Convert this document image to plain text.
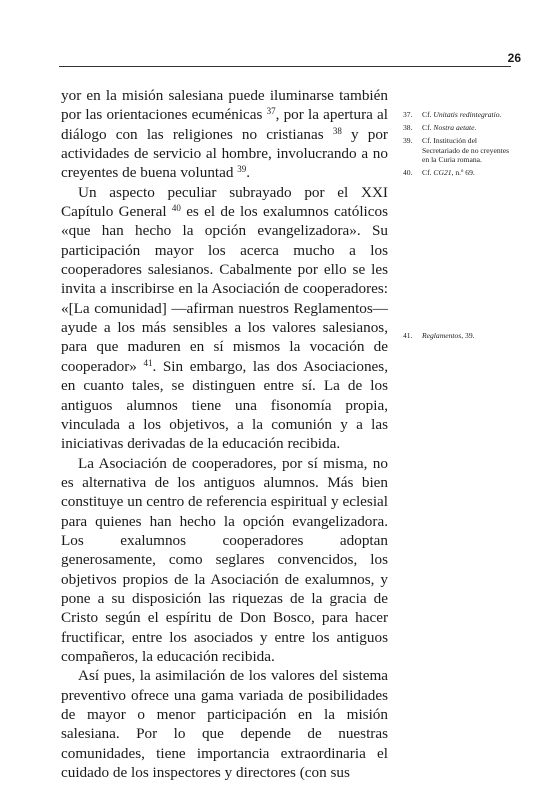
26

yor en la misión salesiana puede iluminarse también por las orientaciones ecuménicas $^{37}$, por la apertura al diálogo con las religiones no cristianas $^{38}$ y por actividades de servicio al hombre, involucrando a no creyentes de buena voluntad $^{39}$.

Un aspecto peculiar subrayado por el XXI Capítulo General $^{40}$ es el de los exalumnos católicos «que han hecho la opción evangelizadora». Su participación mayor los acerca mucho a los cooperadores salesianos. Cabalmente por ello se les invita a inscribirse en la Asociación de cooperadores: «[La comunidad] —afirman nuestros Reglamentos— ayude a los más sensibles a los valores salesianos, para que maduren en sí mismos la vocación de cooperador» $^{41}$. Sin embargo, las dos Asociaciones, en cuanto tales, se distinguen entre sí. La de los antiguos alumnos tiene una fisonomía propia, vinculada a los objetivos, a la comunión y a las iniciativas derivadas de la educación recibida.

La Asociación de cooperadores, por sí misma, no es alternativa de los antiguos alumnos. Más bien constituye un centro de referencia espiritual y eclesial para quienes han hecho la opción evangelizadora. Los exalumnos cooperadores adoptan generosamente, como seglares convencidos, los objetivos propios de la Asociación de exalumnos, y pone a su disposición las riquezas de la gracia de Cristo según el espíritu de Don Bosco, para hacer fructificar, entre los asociados y entre los antiguos compañeros, la educación recibida.

Así pues, la asimilación de los valores del sistema preventivo ofrece una gama variada de posibilidades de mayor o menor participación en la misión salesiana. Por lo que depende de nuestras comunidades, tiene importancia extraordinaria el cuidado de los inspectores y directores (con sus

37.	Cf. Unitatis redintegratio.
38.	Cf. Nostra aetate.
39.	Cf. Institución del Secretariado de no creyentes en la Curia romana.
40.	Cf. CG21, n.º 69.
41.	Reglamentos, 39.
